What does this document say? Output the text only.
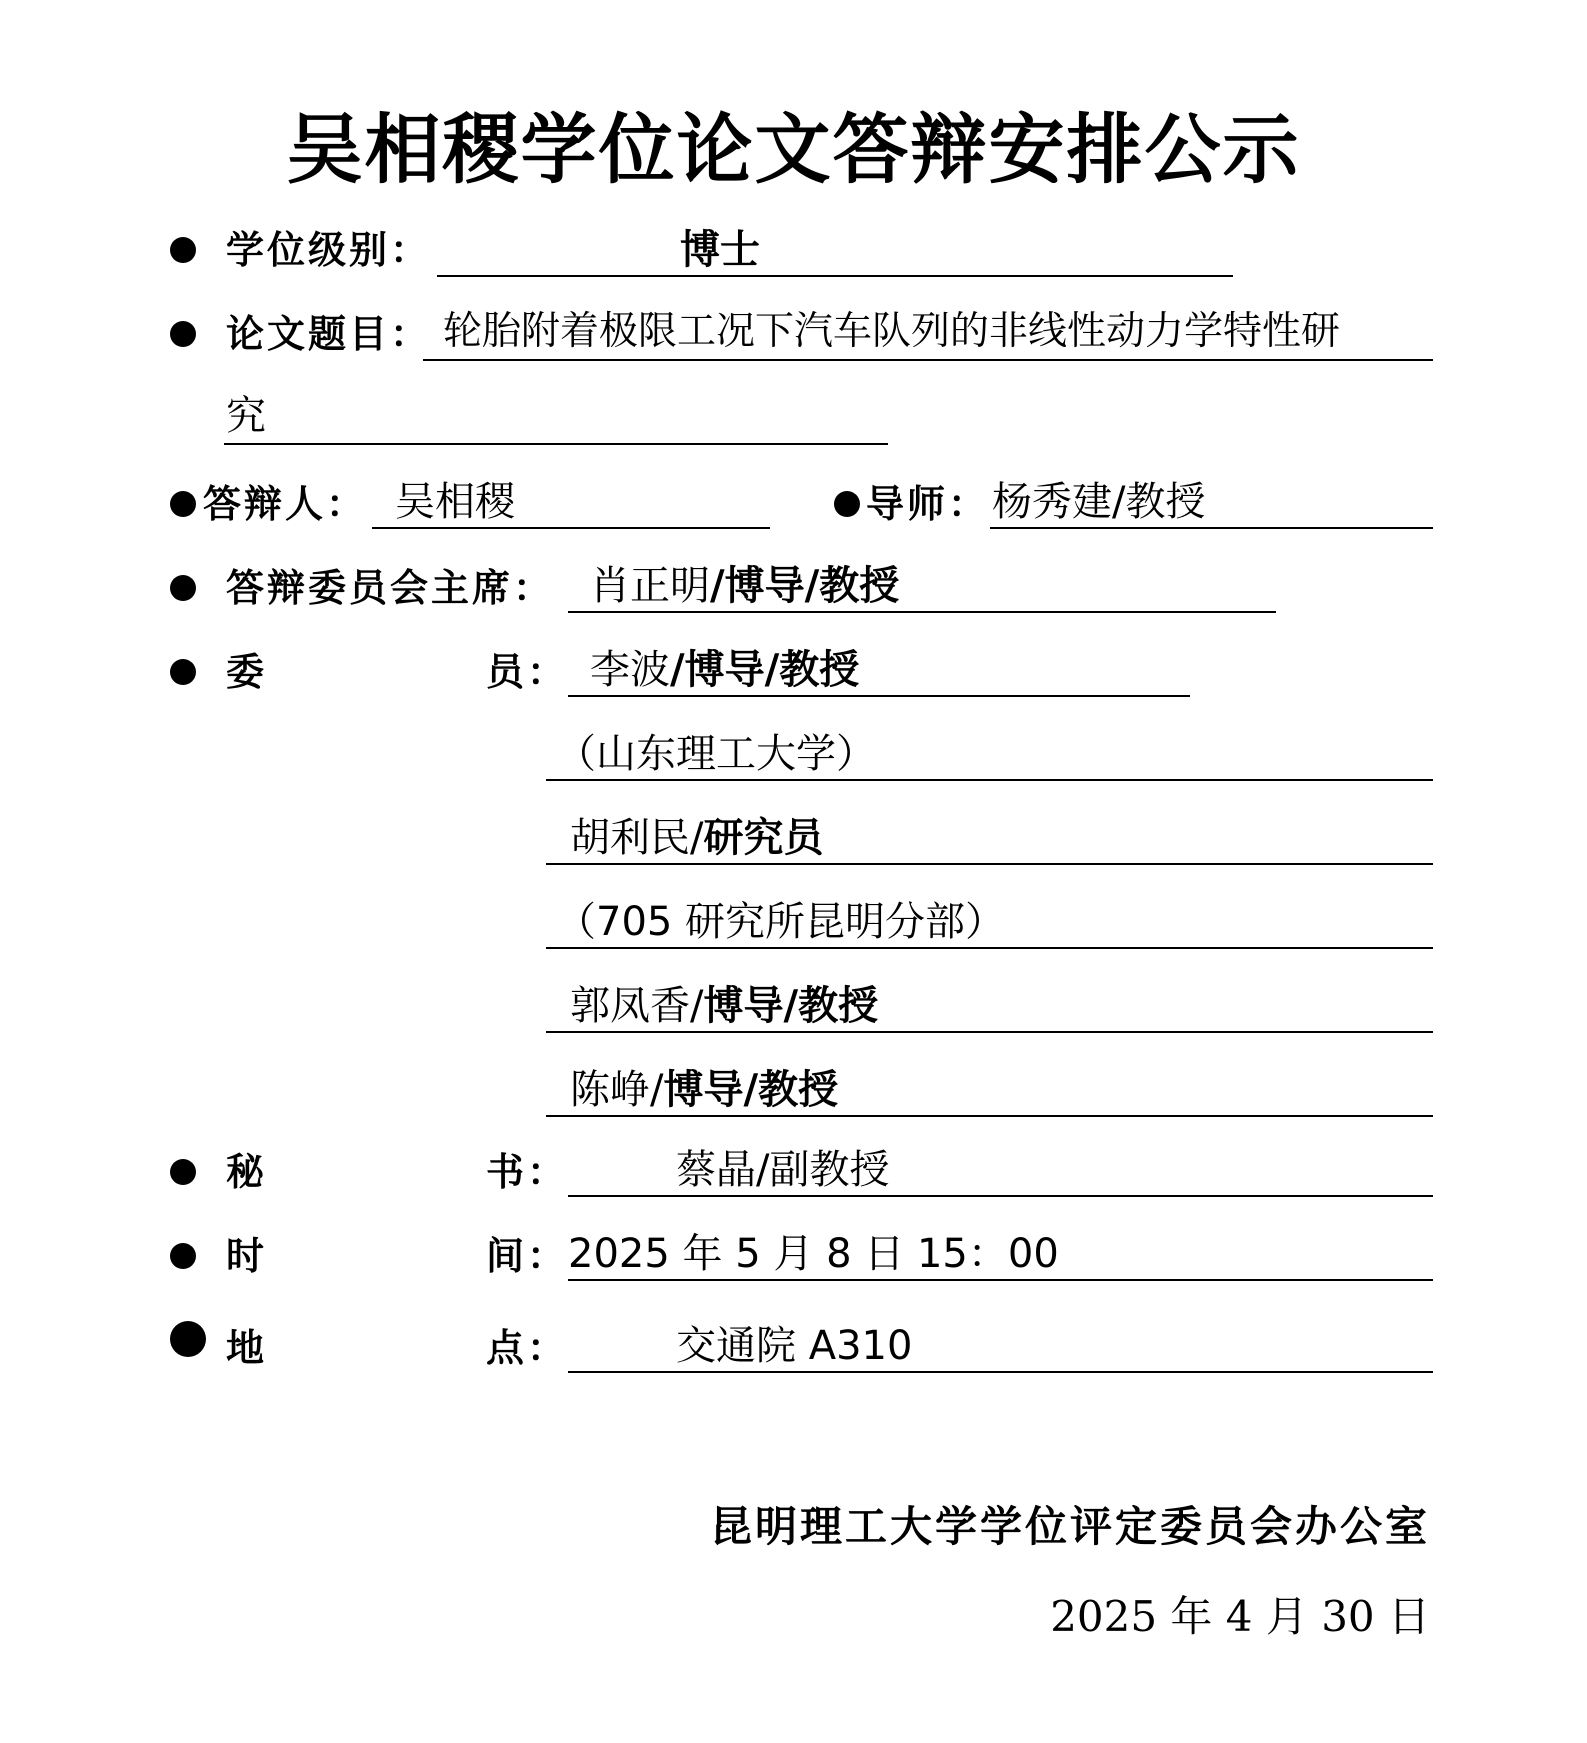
吴相稷学位论文答辩安排公示
学位级别：	博士
论文题目： 轮胎附着极限工况下汽车队列的非线性动力学特性研
究
答辩人： 吴相稷	导师： 杨秀建/教授
答辩委员会主席： 肖正明/博导/教授
委	员： 李波/博导/教授
（山东理工大学）
胡利民/研究员
（705 研究所昆明分部）
郭凤香/博导/教授
陈峥/博导/教授
秘	书：	蔡晶/副教授
时	间： 2025 年 5 月 8 日 15：00
地	点：	交通院 A310
昆明理工大学学位评定委员会办公室
2025 年 4 月 30 日
